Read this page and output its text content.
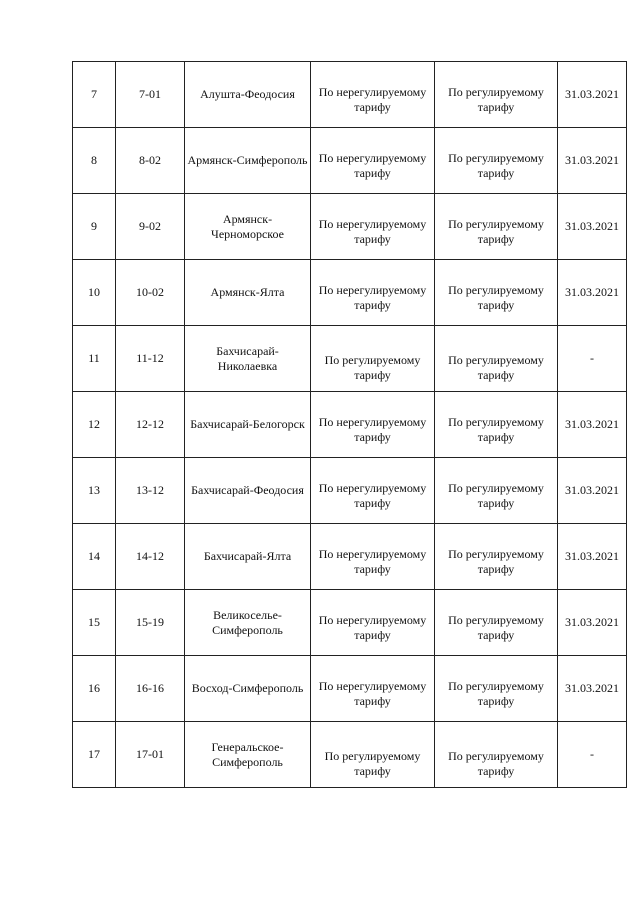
7	7-01	Алушта-Феодосия	По нерегулируемому тарифу	По регулируемому тарифу	31.03.2021
8	8-02	Армянск-Симферополь	По нерегулируемому тарифу	По регулируемому тарифу	31.03.2021
9	9-02	Армянск-Черноморское	По нерегулируемому тарифу	По регулируемому тарифу	31.03.2021
10	10-02	Армянск-Ялта	По нерегулируемому тарифу	По регулируемому тарифу	31.03.2021
11	11-12	Бахчисарай-Николаевка	По регулируемому тарифу	По регулируемому тарифу	-
12	12-12	Бахчисарай-Белогорск	По нерегулируемому тарифу	По регулируемому тарифу	31.03.2021
13	13-12	Бахчисарай-Феодосия	По нерегулируемому тарифу	По регулируемому тарифу	31.03.2021
14	14-12	Бахчисарай-Ялта	По нерегулируемому тарифу	По регулируемому тарифу	31.03.2021
15	15-19	Великоселье-Симферополь	По нерегулируемому тарифу	По регулируемому тарифу	31.03.2021
16	16-16	Восход-Симферополь	По нерегулируемому тарифу	По регулируемому тарифу	31.03.2021
17	17-01	Генеральское-Симферополь	По регулируемому тарифу	По регулируемому тарифу	-
